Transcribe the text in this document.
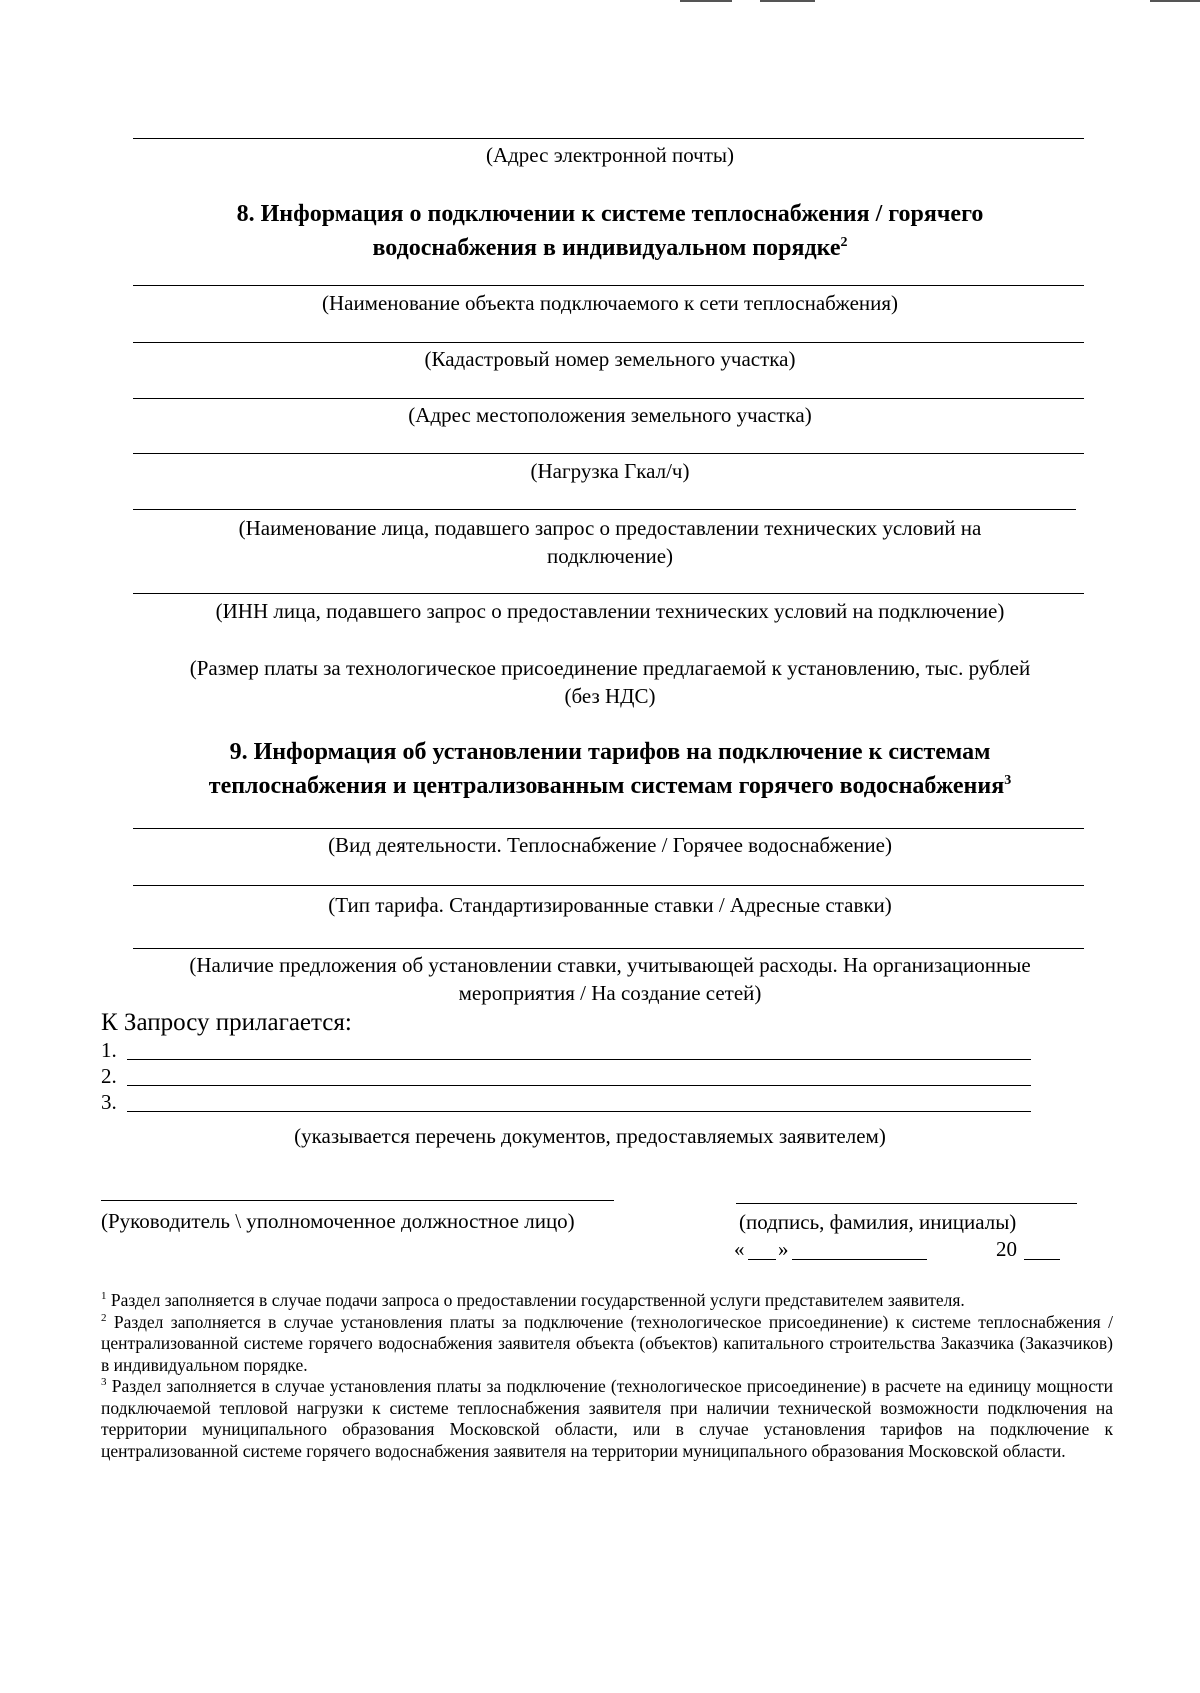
(Адрес электронной почты)
8. Информация о подключении к системе теплоснабжения / горячего
водоснабжения в индивидуальном порядке$^2$
(Наименование объекта подключаемого к сети теплоснабжения)
(Кадастровый номер земельного участка)
(Адрес местоположения земельного участка)
(Нагрузка Гкал/ч)
(Наименование лица, подавшего запрос о предоставлении технических условий на
подключение)
(ИНН лица, подавшего запрос о предоставлении технических условий на подключение)
(Размер платы за технологическое присоединение предлагаемой к установлению, тыс. рублей
(без НДС)
9. Информация об установлении тарифов на подключение к системам
теплоснабжения и централизованным системам горячего водоснабжения$^3$
(Вид деятельности. Теплоснабжение / Горячее водоснабжение)
(Тип тарифа. Стандартизированные ставки / Адресные ставки)
(Наличие предложения об установлении ставки, учитывающей расходы. На организационные
мероприятия / На создание сетей)
К Запросу прилагается:
1.
2.
3.
(указывается перечень документов, предоставляемых заявителем)
(Руководитель \ уполномоченное должностное лицо)	(подпись, фамилия, инициалы)
« »	20

$^1$ Раздел заполняется в случае подачи запроса о предоставлении государственной услуги представителем заявителя.

$^2$ Раздел заполняется в случае установления платы за подключение (технологическое присоединение) к системе теплоснабжения / централизованной системе горячего водоснабжения заявителя объекта (объектов) капитального строительства Заказчика (Заказчиков) в индивидуальном порядке.

$^3$ Раздел заполняется в случае установления платы за подключение (технологическое присоединение) в расчете на единицу мощности подключаемой тепловой нагрузки к системе теплоснабжения заявителя при наличии технической возможности подключения на территории муниципального образования Московской области, или в случае установления тарифов на подключение к централизованной системе горячего водоснабжения заявителя на территории муниципального образования Московской области.
